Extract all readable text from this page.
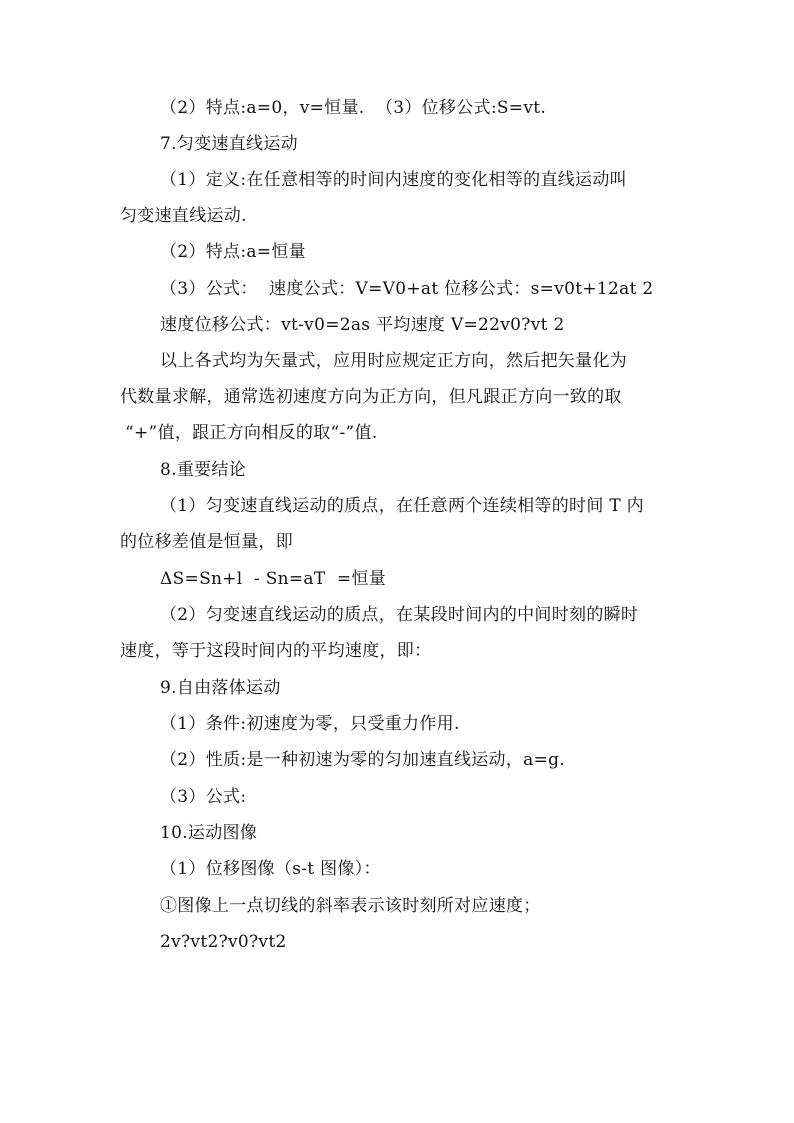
（2）特点:a=0，v=恒量.  （3）位移公式:S=vt.
7.匀变速直线运动
（1）定义:在任意相等的时间内速度的变化相等的直线运动叫
匀变速直线运动.
（2）特点:a=恒量
（3）公式：  速度公式：V=V0+at 位移公式：s=v0t+12at 2
速度位移公式：vt-v0=2as 平均速度 V=22v0?vt 2
以上各式均为矢量式，应用时应规定正方向，然后把矢量化为
代数量求解，通常选初速度方向为正方向，但凡跟正方向一致的取
“+”值，跟正方向相反的取“-”值.
8.重要结论
（1）匀变速直线运动的质点，在任意两个连续相等的时间 T 内
的位移差值是恒量，即
ΔS=Sn+l  - Sn=aT  =恒量
（2）匀变速直线运动的质点，在某段时间内的中间时刻的瞬时
速度，等于这段时间内的平均速度，即：
9.自由落体运动
（1）条件:初速度为零，只受重力作用.
（2）性质:是一种初速为零的匀加速直线运动，a=g.
（3）公式:
10.运动图像
（1）位移图像（s-t 图像）：
①图像上一点切线的斜率表示该时刻所对应速度；
2v?vt2?v0?vt2
